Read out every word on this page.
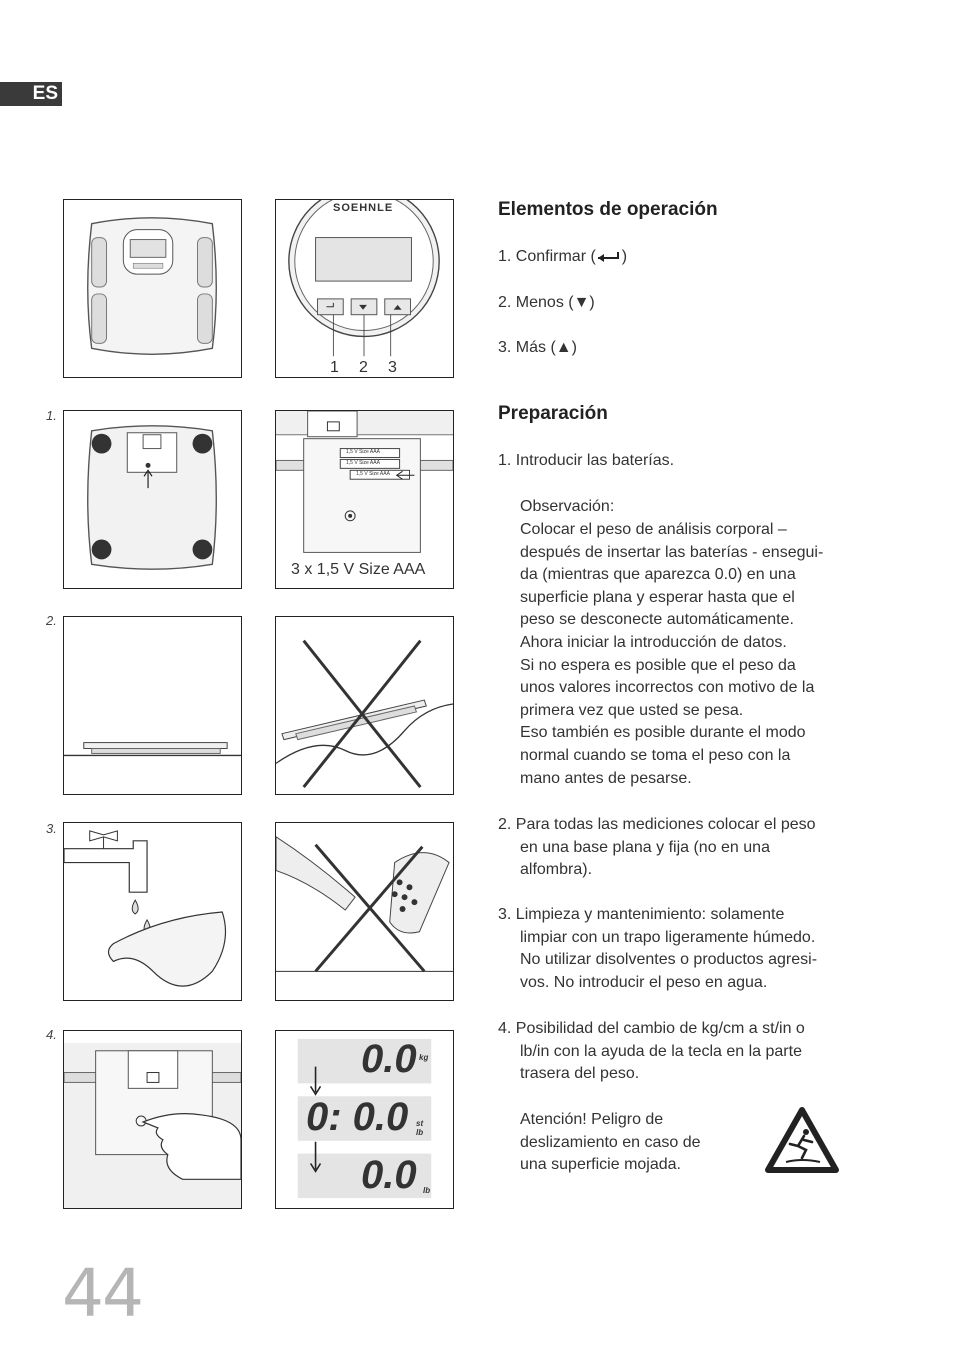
ES
SOEHNLE
1 2 3
1.
2.
3.
4.
1,5 V Size AAA
1,5 V Size AAA
1,5 V Size AAA
3 x 1,5 V Size AAA
0.0 kg
0: 0.0 st lb
0.0 lb
Elementos de operación
1. Confirmar ( )
2. Menos (▼)
3. Más (▲)
Preparación
1. Introducir las baterías.
Observación:
Colocar el peso de análisis corporal –
después de insertar las baterías - ensegui-
da (mientras que aparezca 0.0) en una
superficie plana y esperar hasta que el
peso se desconecte automáticamente.
Ahora iniciar la introducción de datos.
Si no espera es posible que el peso da
unos valores incorrectos con motivo de la
primera vez que usted se pesa.
Eso también es posible durante el modo
normal cuando se toma el peso con la
mano antes de pesarse.
2. Para todas las mediciones colocar el peso
en una base plana y fija (no en una
alfombra).
3. Limpieza y mantenimiento: solamente
limpiar con un trapo ligeramente húmedo.
No utilizar disolventes o productos agresi-
vos. No introducir el peso en agua.
4. Posibilidad del cambio de kg/cm a st/in o
lb/in con la ayuda de la tecla en la parte
trasera del peso.
Atención! Peligro de
deslizamiento en caso de
una superficie mojada.
44
